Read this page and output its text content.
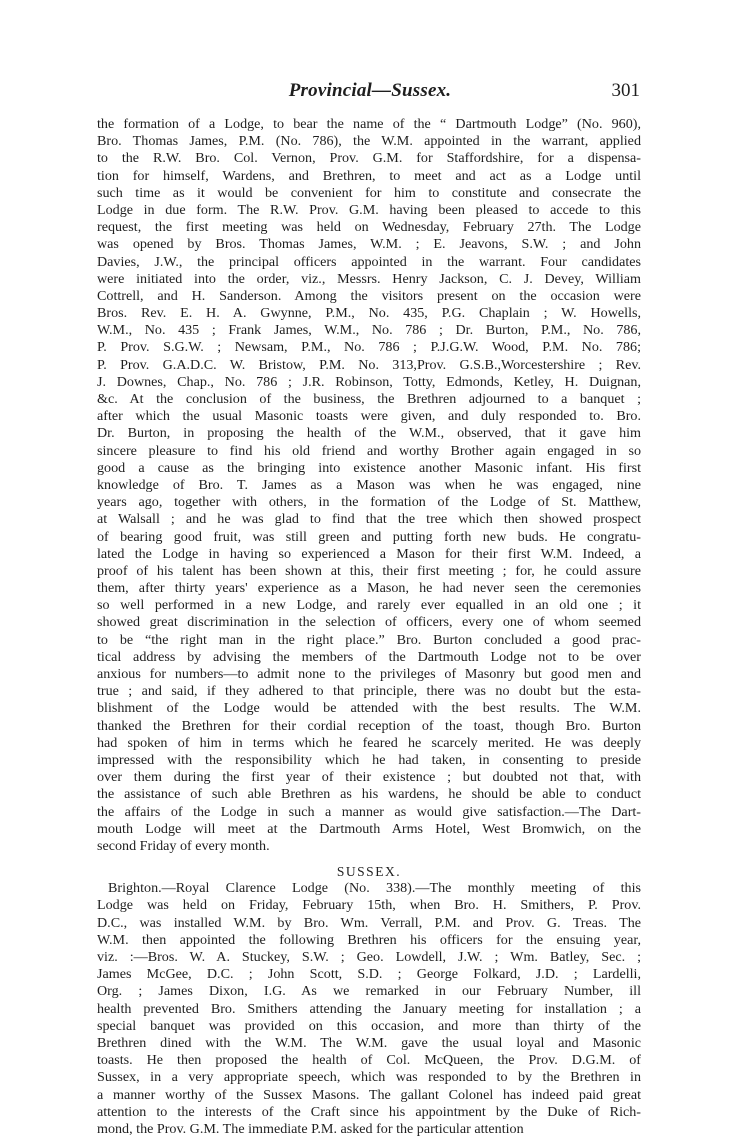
Provincial—Sussex.	301
the formation of a Lodge, to bear the name of the “ Dartmouth Lodge” (No. 960),
Bro. Thomas James, P.M. (No. 786), the W.M. appointed in the warrant, applied
to the R.W. Bro. Col. Vernon, Prov. G.M. for Staffordshire, for a dispensa-
tion for himself, Wardens, and Brethren, to meet and act as a Lodge until
such time as it would be convenient for him to constitute and consecrate the
Lodge in due form. The R.W. Prov. G.M. having been pleased to accede to this
request, the first meeting was held on Wednesday, February 27th. The Lodge
was opened by Bros. Thomas James, W.M. ; E. Jeavons, S.W. ; and John
Davies, J.W., the principal officers appointed in the warrant. Four candidates
were initiated into the order, viz., Messrs. Henry Jackson, C. J. Devey, William
Cottrell, and H. Sanderson. Among the visitors present on the occasion were
Bros. Rev. E. H. A. Gwynne, P.M., No. 435, P.G. Chaplain ; W. Howells,
W.M., No. 435 ; Frank James, W.M., No. 786 ; Dr. Burton, P.M., No. 786,
P. Prov. S.G.W. ; Newsam, P.M., No. 786 ; P.J.G.W. Wood, P.M. No. 786;
P. Prov. G.A.D.C. W. Bristow, P.M. No. 313,Prov. G.S.B.,Worcestershire ; Rev.
J. Downes, Chap., No. 786 ; J.R. Robinson, Totty, Edmonds, Ketley, H. Duignan,
&c. At the conclusion of the business, the Brethren adjourned to a banquet ;
after which the usual Masonic toasts were given, and duly responded to. Bro.
Dr. Burton, in proposing the health of the W.M., observed, that it gave him
sincere pleasure to find his old friend and worthy Brother again engaged in so
good a cause as the bringing into existence another Masonic infant. His first
knowledge of Bro. T. James as a Mason was when he was engaged, nine
years ago, together with others, in the formation of the Lodge of St. Matthew,
at Walsall ; and he was glad to find that the tree which then showed prospect
of bearing good fruit, was still green and putting forth new buds. He congratu-
lated the Lodge in having so experienced a Mason for their first W.M. Indeed, a
proof of his talent has been shown at this, their first meeting ; for, he could assure
them, after thirty years' experience as a Mason, he had never seen the ceremonies
so well performed in a new Lodge, and rarely ever equalled in an old one ; it
showed great discrimination in the selection of officers, every one of whom seemed
to be “the right man in the right place.” Bro. Burton concluded a good prac-
tical address by advising the members of the Dartmouth Lodge not to be over
anxious for numbers—to admit none to the privileges of Masonry but good men and
true ; and said, if they adhered to that principle, there was no doubt but the esta-
blishment of the Lodge would be attended with the best results. The W.M.
thanked the Brethren for their cordial reception of the toast, though Bro. Burton
had spoken of him in terms which he feared he scarcely merited. He was deeply
impressed with the responsibility which he had taken, in consenting to preside
over them during the first year of their existence ; but doubted not that, with
the assistance of such able Brethren as his wardens, he should be able to conduct
the affairs of the Lodge in such a manner as would give satisfaction.—The Dart-
mouth Lodge will meet at the Dartmouth Arms Hotel, West Bromwich, on the
second Friday of every month.
SUSSEX.
Brighton.—Royal Clarence Lodge (No. 338).—The monthly meeting of this
Lodge was held on Friday, February 15th, when Bro. H. Smithers, P. Prov.
D.C., was installed W.M. by Bro. Wm. Verrall, P.M. and Prov. G. Treas. The
W.M. then appointed the following Brethren his officers for the ensuing year,
viz. :—Bros. W. A. Stuckey, S.W. ; Geo. Lowdell, J.W. ; Wm. Batley, Sec. ;
James McGee, D.C. ; John Scott, S.D. ; George Folkard, J.D. ; Lardelli,
Org. ; James Dixon, I.G. As we remarked in our February Number, ill
health prevented Bro. Smithers attending the January meeting for installation ; a
special banquet was provided on this occasion, and more than thirty of the
Brethren dined with the W.M. The W.M. gave the usual loyal and Masonic
toasts. He then proposed the health of Col. McQueen, the Prov. D.G.M. of
Sussex, in a very appropriate speech, which was responded to by the Brethren in
a manner worthy of the Sussex Masons. The gallant Colonel has indeed paid great
attention to the interests of the Craft since his appointment by the Duke of Rich-
mond, the Prov. G.M. The immediate P.M. asked for the particular attention
